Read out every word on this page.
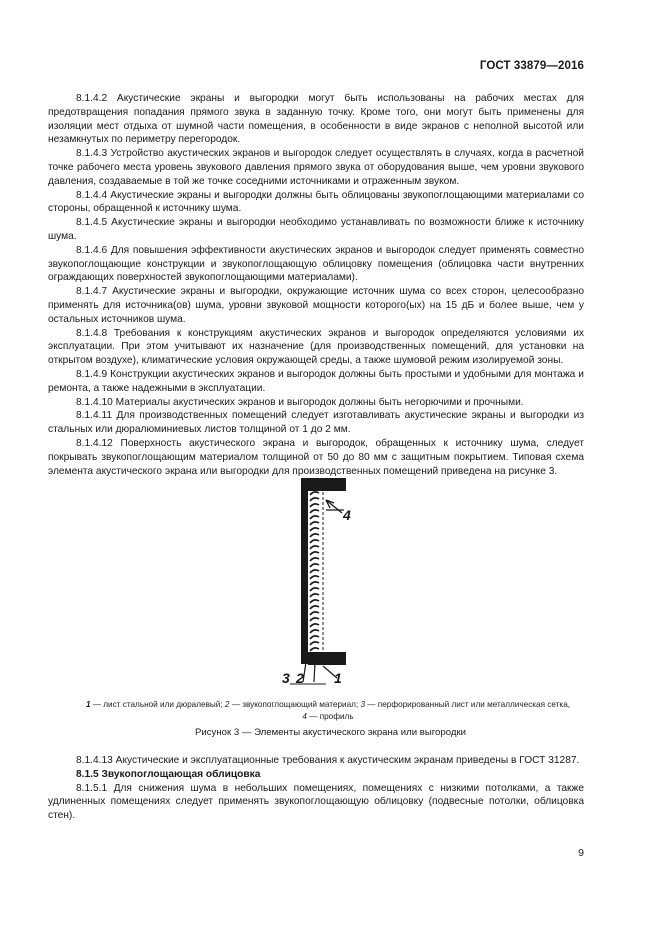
ГОСТ 33879—2016

8.1.4.2 Акустические экраны и выгородки могут быть использованы на рабочих местах для предотвращения попадания прямого звука в заданную точку. Кроме того, они могут быть применены для изоляции мест отдыха от шумной части помещения, в особенности в виде экранов с неполной высотой или незамкнутых по периметру перегородок.

8.1.4.3 Устройство акустических экранов и выгородок следует осуществлять в случаях, когда в расчетной точке рабочего места уровень звукового давления прямого звука от оборудования выше, чем уровни звукового давления, создаваемые в той же точке соседними источниками и отраженным звуком.

8.1.4.4 Акустические экраны и выгородки должны быть облицованы звукопоглощающими материалами со стороны, обращенной к источнику шума.

8.1.4.5 Акустические экраны и выгородки необходимо устанавливать по возможности ближе к источнику шума.

8.1.4.6 Для повышения эффективности акустических экранов и выгородок следует применять совместно звукопоглощающие конструкции и звукопоглощающую облицовку помещения (облицовка части внутренних ограждающих поверхностей звукопоглощающими материалами).

8.1.4.7 Акустические экраны и выгородки, окружающие источник шума со всех сторон, целесообразно применять для источника(ов) шума, уровни звуковой мощности которого(ых) на 15 дБ и более выше, чем у остальных источников шума.

8.1.4.8 Требования к конструкциям акустических экранов и выгородок определяются условиями их эксплуатации. При этом учитывают их назначение (для производственных помещений, для установки на открытом воздухе), климатические условия окружающей среды, а также шумовой режим изолируемой зоны.

8.1.4.9 Конструкции акустических экранов и выгородок должны быть простыми и удобными для монтажа и ремонта, а также надежными в эксплуатации.

8.1.4.10 Материалы акустических экранов и выгородок должны быть негорючими и прочными.

8.1.4.11 Для производственных помещений следует изготавливать акустические экраны и выгородки из стальных или дюралюминиевых листов толщиной от 1 до 2 мм.

8.1.4.12 Поверхность акустического экрана и выгородок, обращенных к источнику шума, следует покрывать звукопоглощающим материалом толщиной от 50 до 80 мм с защитным покрытием. Типовая схема элемента акустического экрана или выгородки для производственных помещений приведена на рисунке 3.

4
1
2
3
1 — лист стальной или дюралевый; 2 — звукопоглощающий материал; 3 — перфорированный лист или металлическая сетка,
4 — профиль
Рисунок 3 — Элементы акустического экрана или выгородки

8.1.4.13 Акустические и эксплуатационные требования к акустическим экранам приведены в ГОСТ 31287.

8.1.5 Звукопоглощающая облицовка

8.1.5.1 Для снижения шума в небольших помещениях, помещениях с низкими потолками, а также удлиненных помещениях следует применять звукопоглощающую облицовку (подвесные потолки, облицовка стен).

9
